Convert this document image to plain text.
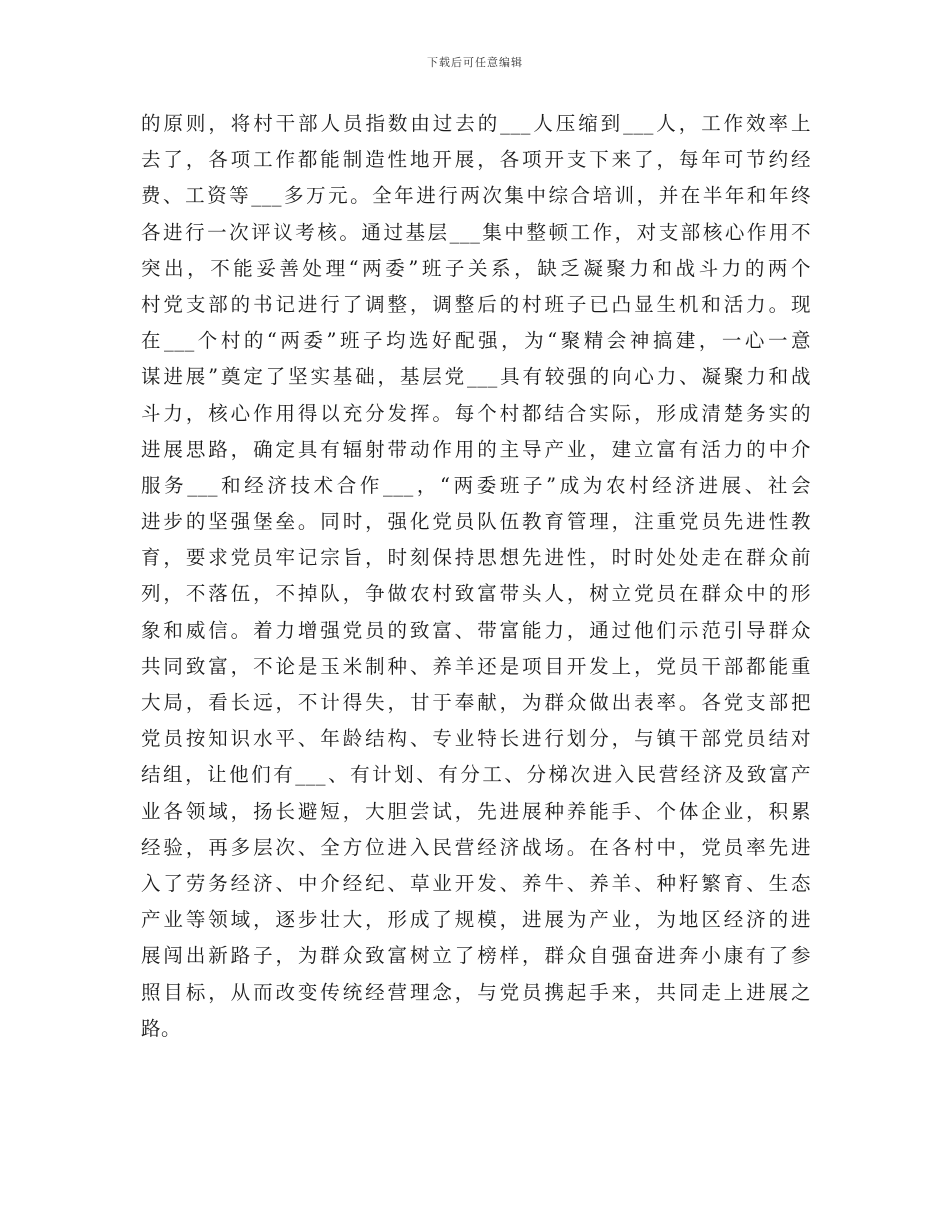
下载后可任意编辑
的原则，将村干部人员指数由过去的___人压缩到___人，工作效率上
去了，各项工作都能制造性地开展，各项开支下来了，每年可节约经
费、工资等___多万元。全年进行两次集中综合培训，并在半年和年终
各进行一次评议考核。通过基层___集中整顿工作，对支部核心作用不
突出，不能妥善处理“两委”班子关系，缺乏凝聚力和战斗力的两个
村党支部的书记进行了调整，调整后的村班子已凸显生机和活力。现
在___个村的“两委”班子均选好配强，为“聚精会神搞建，一心一意
谋进展”奠定了坚实基础，基层党___具有较强的向心力、凝聚力和战
斗力，核心作用得以充分发挥。每个村都结合实际，形成清楚务实的
进展思路，确定具有辐射带动作用的主导产业，建立富有活力的中介
服务___和经济技术合作___，“两委班子”成为农村经济进展、社会
进步的坚强堡垒。同时，强化党员队伍教育管理，注重党员先进性教
育，要求党员牢记宗旨，时刻保持思想先进性，时时处处走在群众前
列，不落伍，不掉队，争做农村致富带头人，树立党员在群众中的形
象和威信。着力增强党员的致富、带富能力，通过他们示范引导群众
共同致富，不论是玉米制种、养羊还是项目开发上，党员干部都能重
大局，看长远，不计得失，甘于奉献，为群众做出表率。各党支部把
党员按知识水平、年龄结构、专业特长进行划分，与镇干部党员结对
结组，让他们有___、有计划、有分工、分梯次进入民营经济及致富产
业各领域，扬长避短，大胆尝试，先进展种养能手、个体企业，积累
经验，再多层次、全方位进入民营经济战场。在各村中，党员率先进
入了劳务经济、中介经纪、草业开发、养牛、养羊、种籽繁育、生态
产业等领域，逐步壮大，形成了规模，进展为产业，为地区经济的进
展闯出新路子，为群众致富树立了榜样，群众自强奋进奔小康有了参
照目标，从而改变传统经营理念，与党员携起手来，共同走上进展之
路。
